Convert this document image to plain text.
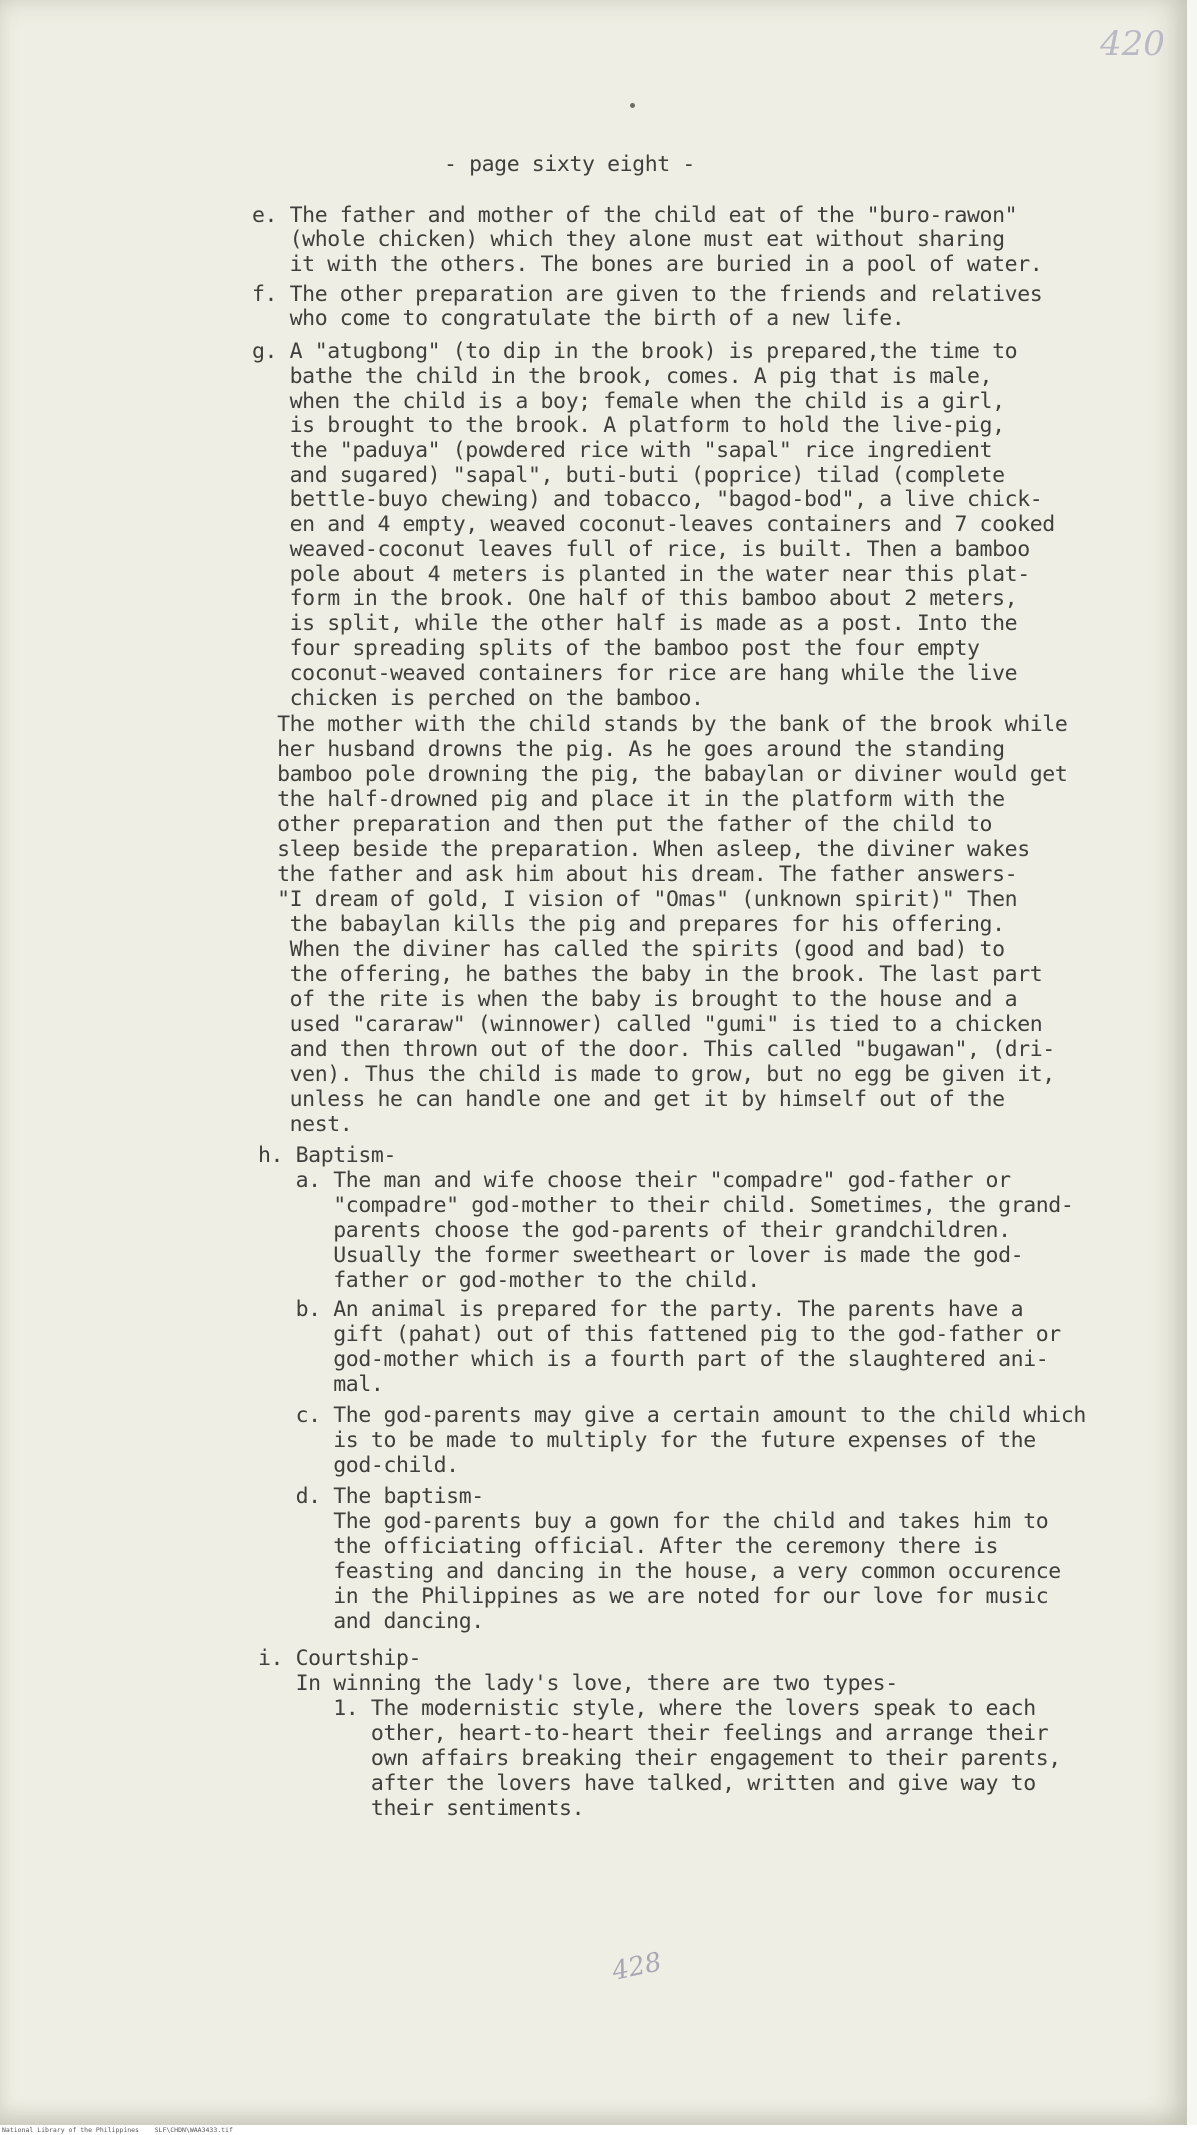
420
- page sixty eight -
e. The father and mother of the child eat of the "buro-rawon"
(whole chicken) which they alone must eat without sharing
it with the others. The bones are buried in a pool of water.
f. The other preparation are given to the friends and relatives
who come to congratulate the birth of a new life.
g. A "atugbong" (to dip in the brook) is prepared,the time to
bathe the child in the brook, comes. A pig that is male,
when the child is a boy; female when the child is a girl,
is brought to the brook. A platform to hold the live-pig,
the "paduya" (powdered rice with "sapal" rice ingredient
and sugared) "sapal", buti-buti (poprice) tilad (complete
bettle-buyo chewing) and tobacco, "bagod-bod", a live chick-
en and 4 empty, weaved coconut-leaves containers and 7 cooked
weaved-coconut leaves full of rice, is built. Then a bamboo
pole about 4 meters is planted in the water near this plat-
form in the brook. One half of this bamboo about 2 meters,
is split, while the other half is made as a post. Into the
four spreading splits of the bamboo post the four empty
coconut-weaved containers for rice are hang while the live
chicken is perched on the bamboo.
The mother with the child stands by the bank of the brook while
her husband drowns the pig. As he goes around the standing
bamboo pole drowning the pig, the babaylan or diviner would get
the half-drowned pig and place it in the platform with the
other preparation and then put the father of the child to
sleep beside the preparation. When asleep, the diviner wakes
the father and ask him about his dream. The father answers-
"I dream of gold, I vision of "Omas" (unknown spirit)" Then
the babaylan kills the pig and prepares for his offering.
When the diviner has called the spirits (good and bad) to
the offering, he bathes the baby in the brook. The last part
of the rite is when the baby is brought to the house and a
used "cararaw" (winnower) called "gumi" is tied to a chicken
and then thrown out of the door. This called "bugawan", (dri-
ven). Thus the child is made to grow, but no egg be given it,
unless he can handle one and get it by himself out of the
nest.
h. Baptism-
a. The man and wife choose their "compadre" god-father or
"compadre" god-mother to their child. Sometimes, the grand-
parents choose the god-parents of their grandchildren.
Usually the former sweetheart or lover is made the god-
father or god-mother to the child.
b. An animal is prepared for the party. The parents have a
gift (pahat) out of this fattened pig to the god-father or
god-mother which is a fourth part of the slaughtered ani-
mal.
c. The god-parents may give a certain amount to the child which
is to be made to multiply for the future expenses of the
god-child.
d. The baptism-
The god-parents buy a gown for the child and takes him to
the officiating official. After the ceremony there is
feasting and dancing in the house, a very common occurence
in the Philippines as we are noted for our love for music
and dancing.
i. Courtship-
In winning the lady's love, there are two types-
1. The modernistic style, where the lovers speak to each
other, heart-to-heart their feelings and arrange their
own affairs breaking their engagement to their parents,
after the lovers have talked, written and give way to
their sentiments.
428
National Library of the Philippines    SLF\CHDN\WAA3433.tif
